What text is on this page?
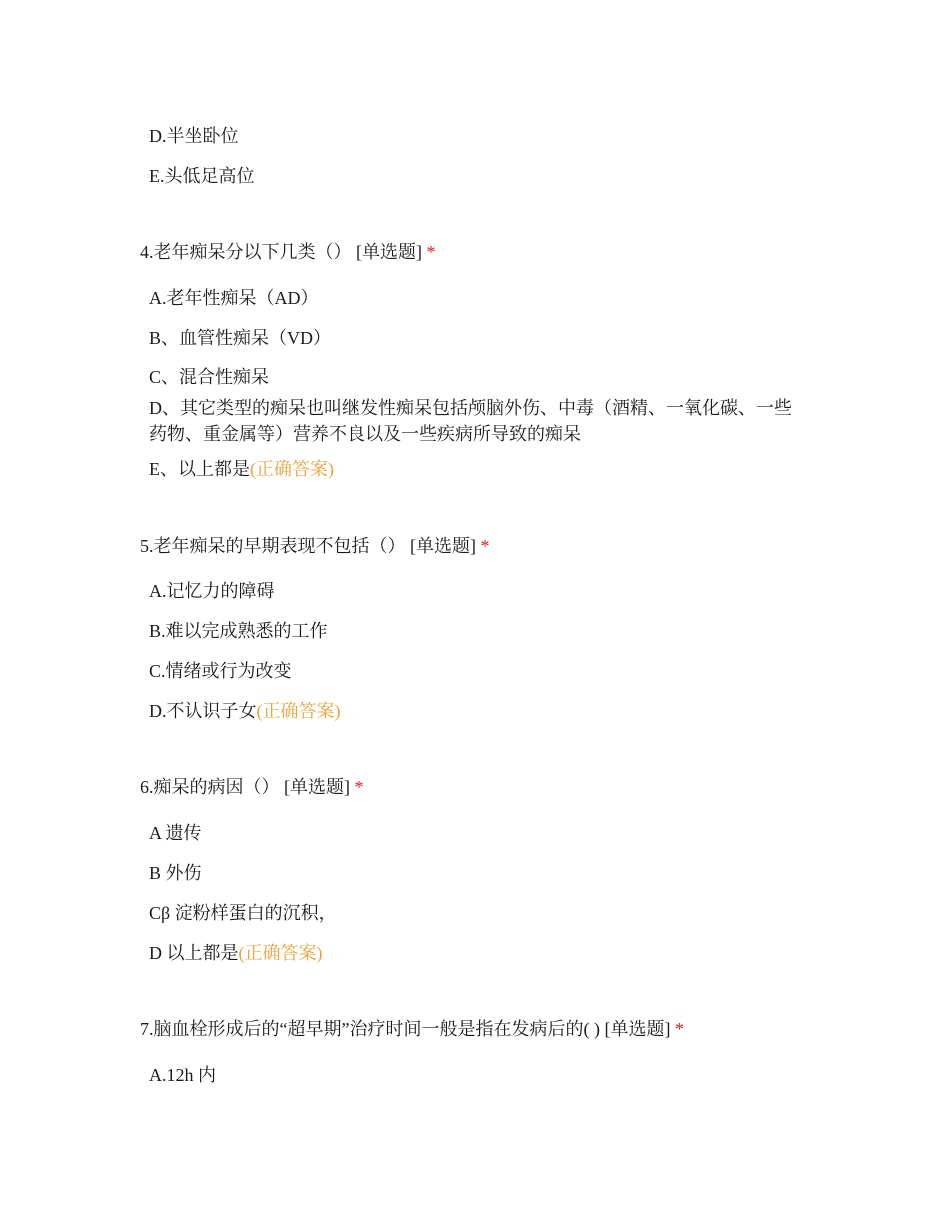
D.半坐卧位
E.头低足高位
4.老年痴呆分以下几类（） [单选题] *
A.老年性痴呆（AD）
B、血管性痴呆（VD）
C、混合性痴呆
D、其它类型的痴呆也叫继发性痴呆包括颅脑外伤、中毒（酒精、一氧化碳、一些药物、重金属等）营养不良以及一些疾病所导致的痴呆
E、以上都是(正确答案)
5.老年痴呆的早期表现不包括（） [单选题] *
A.记忆力的障碍
B.难以完成熟悉的工作
C.情绪或行为改变
D.不认识子女(正确答案)
6.痴呆的病因（） [单选题] *
A 遗传
B 外伤
Cβ 淀粉样蛋白的沉积，
D 以上都是(正确答案)
7.脑血栓形成后的“超早期”治疗时间一般是指在发病后的( ) [单选题] *
A.12h 内
